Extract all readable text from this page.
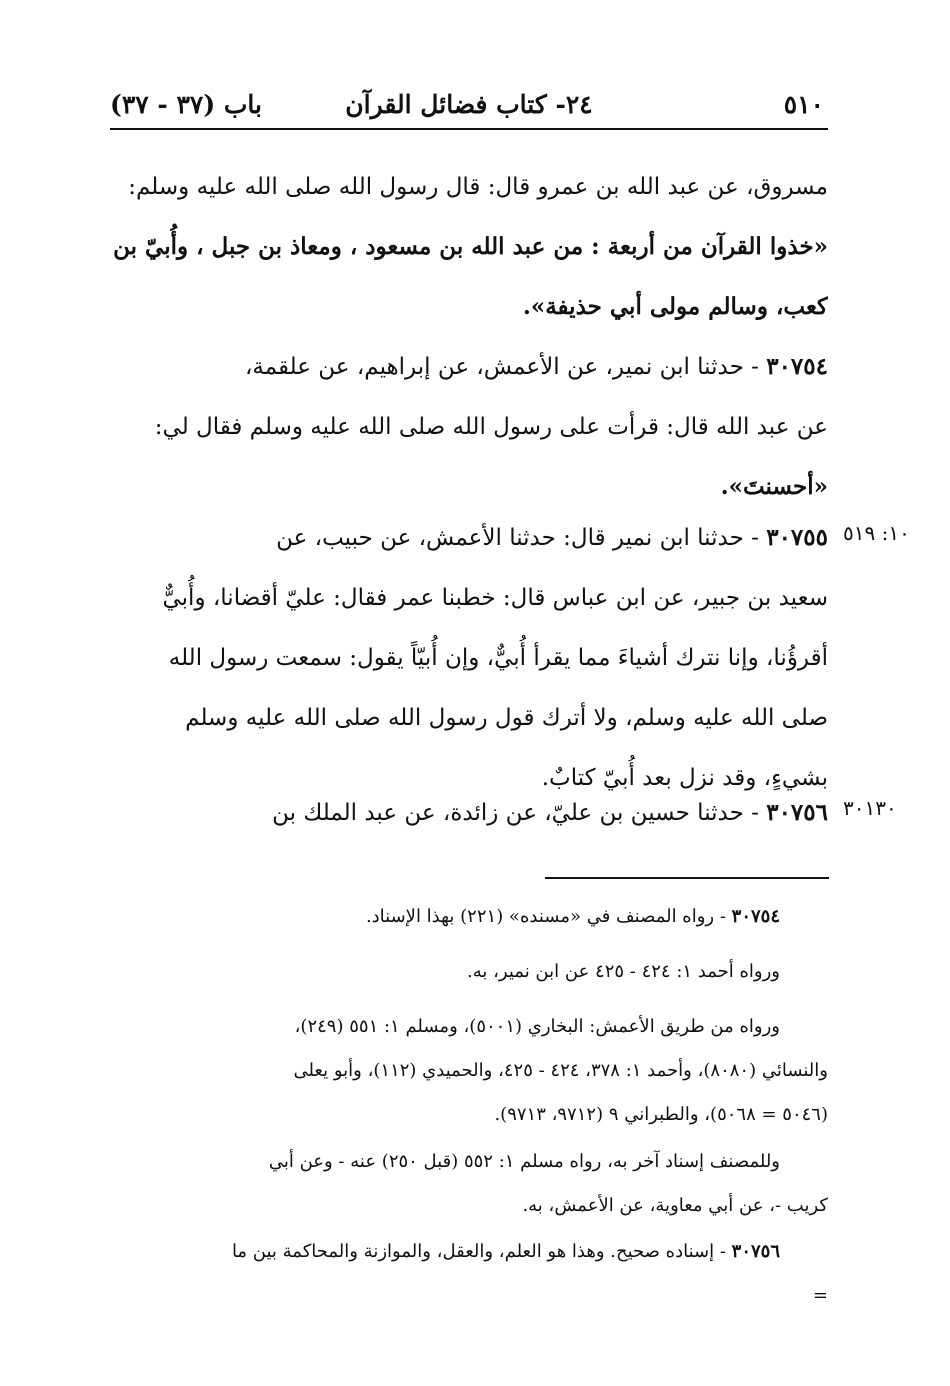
باب (٣٧ - ٣٧)	٢٤- كتاب فضائل القرآن	٥١٠
مسروق، عن عبد الله بن عمرو قال: قال رسول الله صلى الله عليه وسلم:
«خذوا القرآن من أربعة : من عبد الله بن مسعود ، ومعاذ بن جبل ، وأُبيّ بن
كعب، وسالم مولى أبي حذيفة».
٣٠٧٥٤ - حدثنا ابن نمير، عن الأعمش، عن إبراهيم، عن علقمة،
عن عبد الله قال: قرأت على رسول الله صلى الله عليه وسلم فقال لي:
«أحسنتَ».
١٠: ٥١٩
٣٠٧٥٥ - حدثنا ابن نمير قال: حدثنا الأعمش، عن حبيب، عن
سعيد بن جبير، عن ابن عباس قال: خطبنا عمر فقال: عليّ أقضانا، وأُبيٌّ
أقرؤُنا، وإنا نترك أشياءَ مما يقرأ أُبيٌّ، وإن أُبيّاً يقول: سمعت رسول الله
صلى الله عليه وسلم، ولا أترك قول رسول الله صلى الله عليه وسلم
بشيءٍ، وقد نزل بعد أُبيّ كتابٌ.
٣٠١٣٠
٣٠٧٥٦ - حدثنا حسين بن عليّ، عن زائدة، عن عبد الملك بن
٣٠٧٥٤ - رواه المصنف في «مسنده» (٢٢١) بهذا الإسناد.
ورواه أحمد ١: ٤٢٤ - ٤٢٥ عن ابن نمير، به.
ورواه من طريق الأعمش: البخاري (٥٠٠١)، ومسلم ١: ٥٥١ (٢٤٩)،
والنسائي (٨٠٨٠)، وأحمد ١: ٣٧٨، ٤٢٤ - ٤٢٥، والحميدي (١١٢)، وأبو يعلى
(٥٠٤٦ = ٥٠٦٨)، والطبراني ٩ (٩٧١٢، ٩٧١٣).
وللمصنف إسناد آخر به، رواه مسلم ١: ٥٥٢ (قبل ٢٥٠) عنه - وعن أبي
كريب -، عن أبي معاوية، عن الأعمش، به.
٣٠٧٥٦ - إسناده صحيح. وهذا هو العلم، والعقل، والموازنة والمحاكمة بين ما
=
